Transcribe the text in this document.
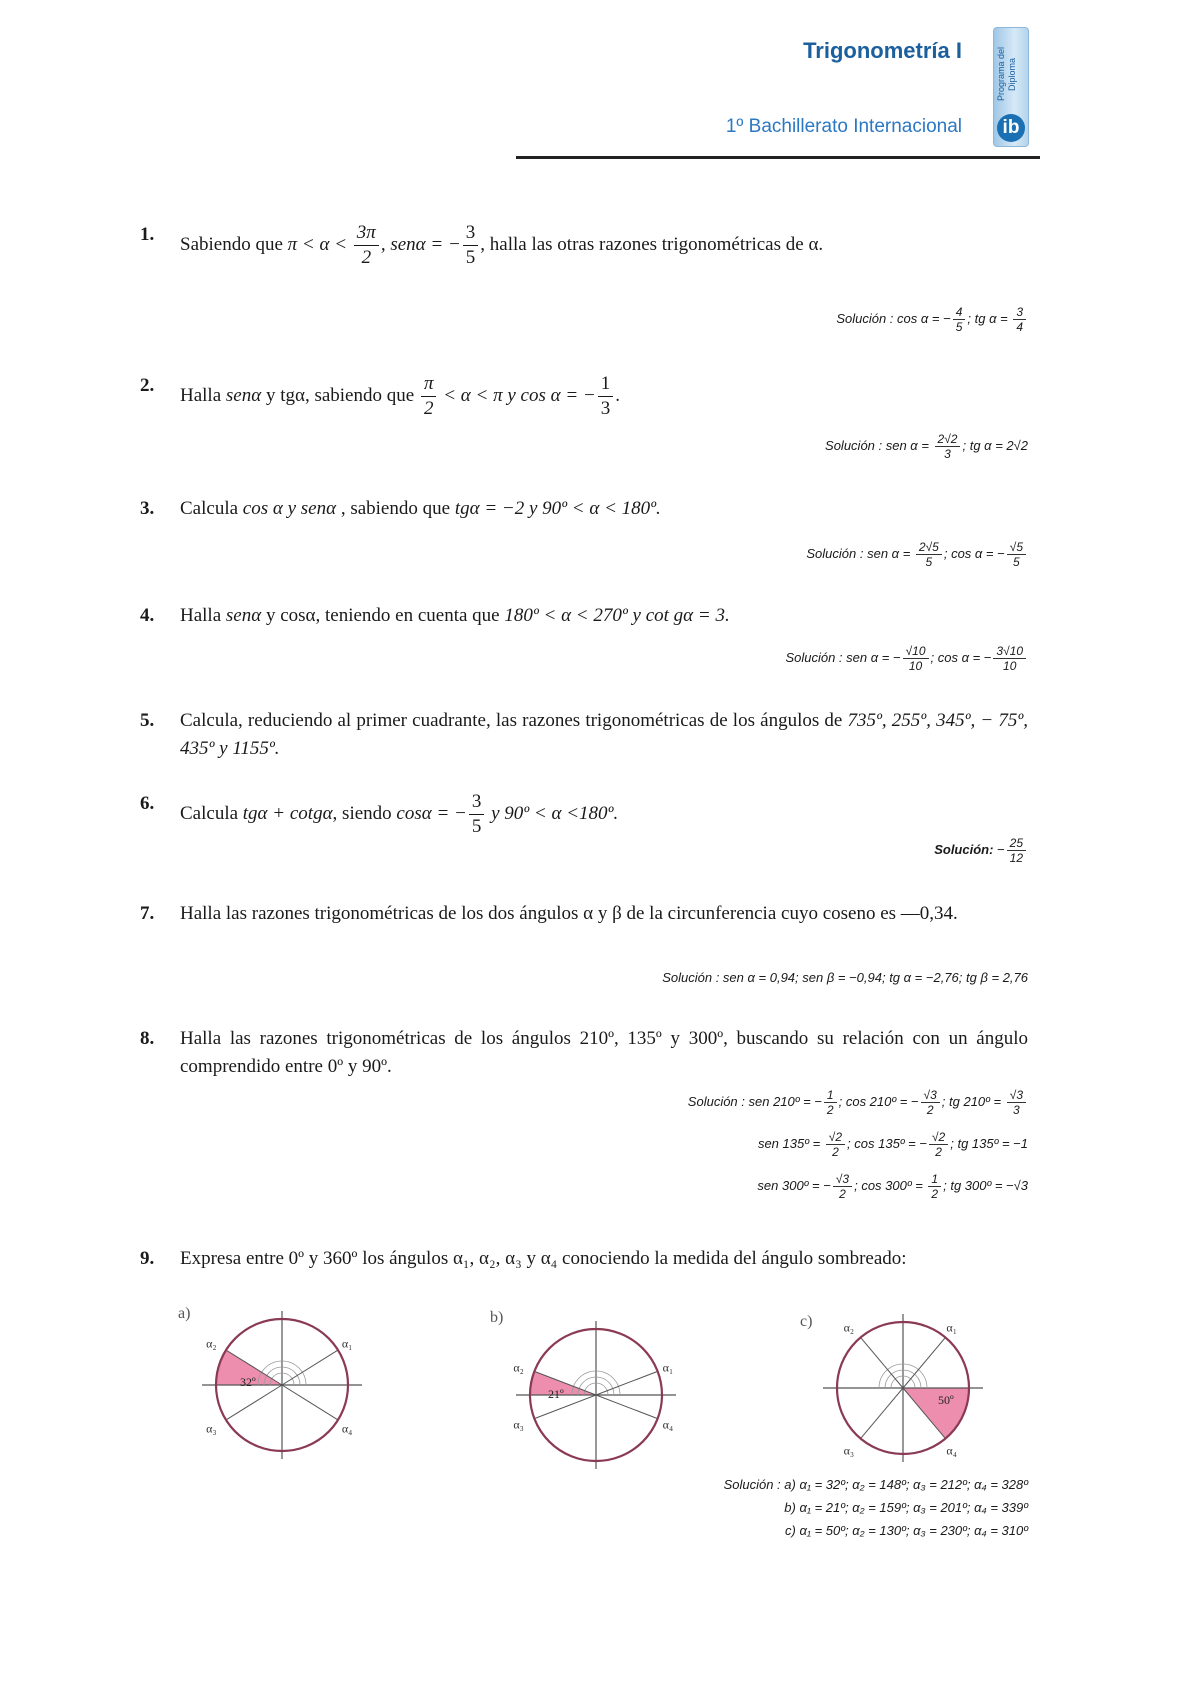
Trigonometría I
1º Bachillerato Internacional
Programa del Diploma
ib
1. Sabiendo que $\pi < \alpha < \frac{3\pi}{2}$ , senα = − $\frac{3}{5}$ , halla las otras razones trigonométricas de α.
Solución : cos α = − $\frac{4}{5}$ ; tg $\alpha = \frac{3}{4}$
2. Halla senα y tgα, sabiendo que $\frac{\pi}{2} < \alpha < \pi$ y cos α = − $\frac{1}{3}$ .
Solución : sen $\alpha = \frac{2√2}{3}$ ; tg α = 2√2
3. Calcula cos α y senα , sabiendo que tgα = −2 y 90º < α < 180º.
Solución : sen $\alpha = \frac{2√5}{5}$ ; cos α = − $\frac{√5}{5}$
4. Halla senα y cosα, teniendo en cuenta que 180º < α < 270º y cot gα = 3.
Solución : sen α = − $\frac{√10}{10}$ ; cos α = − $\frac{3√10}{10}$
5. Calcula, reduciendo al primer cuadrante, las razones trigonométricas de los ángulos de 735º, 255º, 345º, − 75º, 435º y 1155º.
6. Calcula tgα + cotgα, siendo cosα = − $\frac{3}{5}$ y 90º < α <180º.
Solución: − $\frac{25}{12}$
7. Halla las razones trigonométricas de los dos ángulos α y β de la circunferencia cuyo coseno es —0,34.
Solución : sen α = 0,94; sen β = −0,94; tg α = −2,76; tg β = 2,76
8. Halla las razones trigonométricas de los ángulos 210º, 135º y 300º, buscando su relación con un ángulo comprendido entre 0º y 90º.
Solución : sen 210º = − $\frac{1}{2}$ ; cos 210º = − $\frac{√3}{2}$ ; tg 210º = $\frac{√3}{3}$
sen 135º = $\frac{√2}{2}$ ; cos 135º = − $\frac{√2}{2}$ ; tg 135º = −1
sen 300º = − $\frac{√3}{2}$ ; cos 300º = $\frac{1}{2}$ ; tg 300º = −√3
9. Expresa entre 0º y 360º los ángulos α₁, α₂, α₃ y α₄ conociendo la medida del ángulo sombreado:
a)
32º
α₁
α₂
α₃	α₄
b)
21º
α₁
α₂
α₃	α₄
c)
50º
α₁
α₂
α₃	α₄
Solución : a) α₁ = 32º; α₂ = 148º; α₃ = 212º; α₄ = 328º
b) α₁ = 21º; α₂ = 159º; α₃ = 201º; α₄ = 339º
c) α₁ = 50º; α₂ = 130º; α₃ = 230º; α₄ = 310º
